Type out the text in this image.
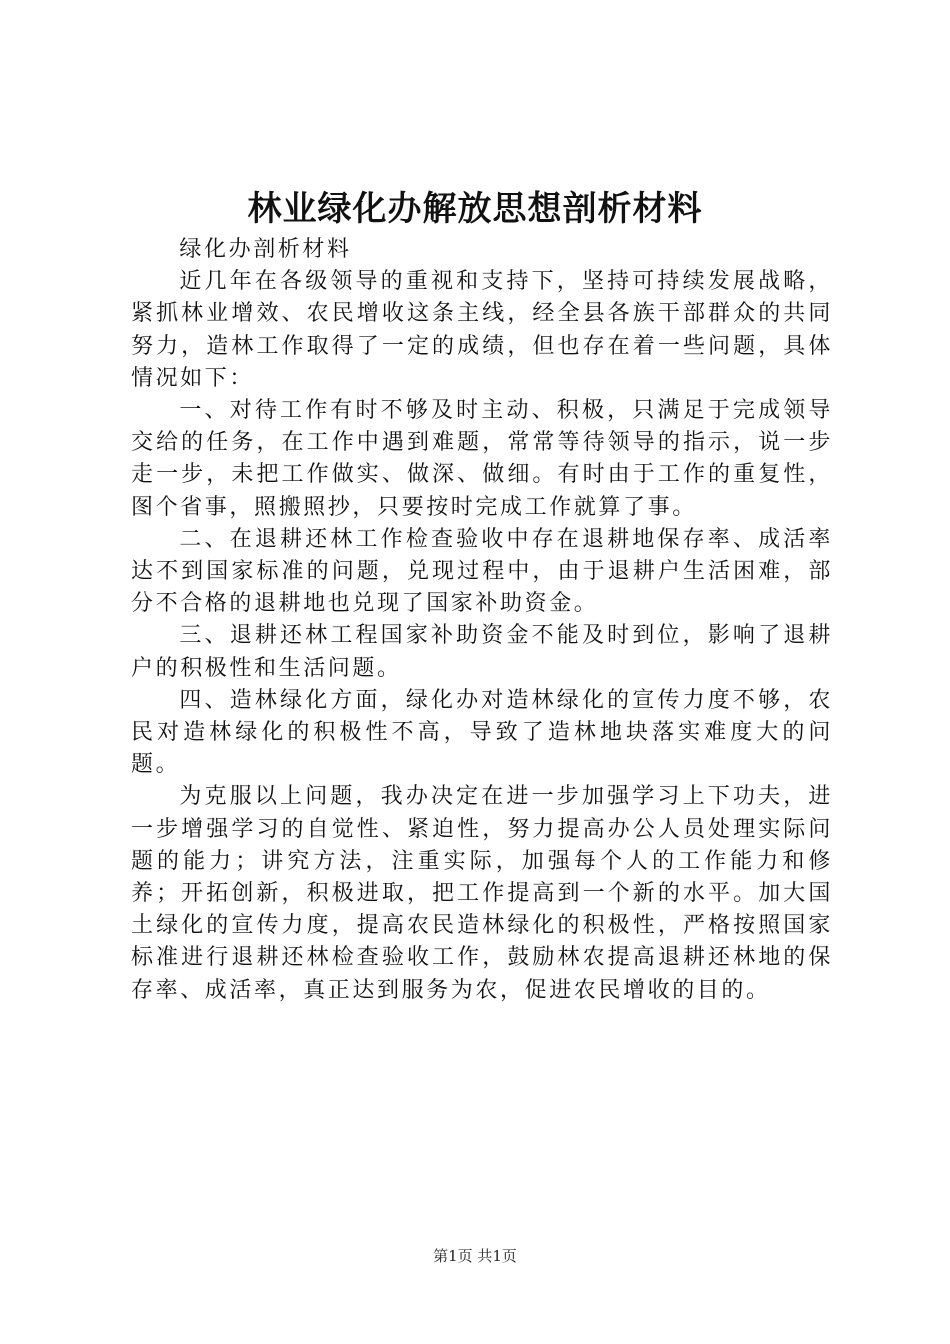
林业绿化办解放思想剖析材料

绿化办剖析材料

近几年在各级领导的重视和支持下，坚持可持续发展战略，紧抓林业增效、农民增收这条主线，经全县各族干部群众的共同努力，造林工作取得了一定的成绩，但也存在着一些问题，具体情况如下：

一、对待工作有时不够及时主动、积极，只满足于完成领导交给的任务，在工作中遇到难题，常常等待领导的指示，说一步走一步，未把工作做实、做深、做细。有时由于工作的重复性，图个省事，照搬照抄，只要按时完成工作就算了事。

二、在退耕还林工作检查验收中存在退耕地保存率、成活率达不到国家标准的问题，兑现过程中，由于退耕户生活困难，部分不合格的退耕地也兑现了国家补助资金。

三、退耕还林工程国家补助资金不能及时到位，影响了退耕户的积极性和生活问题。

四、造林绿化方面，绿化办对造林绿化的宣传力度不够，农民对造林绿化的积极性不高，导致了造林地块落实难度大的问题。

为克服以上问题，我办决定在进一步加强学习上下功夫，进一步增强学习的自觉性、紧迫性，努力提高办公人员处理实际问题的能力；讲究方法，注重实际，加强每个人的工作能力和修养；开拓创新，积极进取，把工作提高到一个新的水平。加大国土绿化的宣传力度，提高农民造林绿化的积极性，严格按照国家标准进行退耕还林检查验收工作，鼓励林农提高退耕还林地的保存率、成活率，真正达到服务为农，促进农民增收的目的。

第1页 共1页
